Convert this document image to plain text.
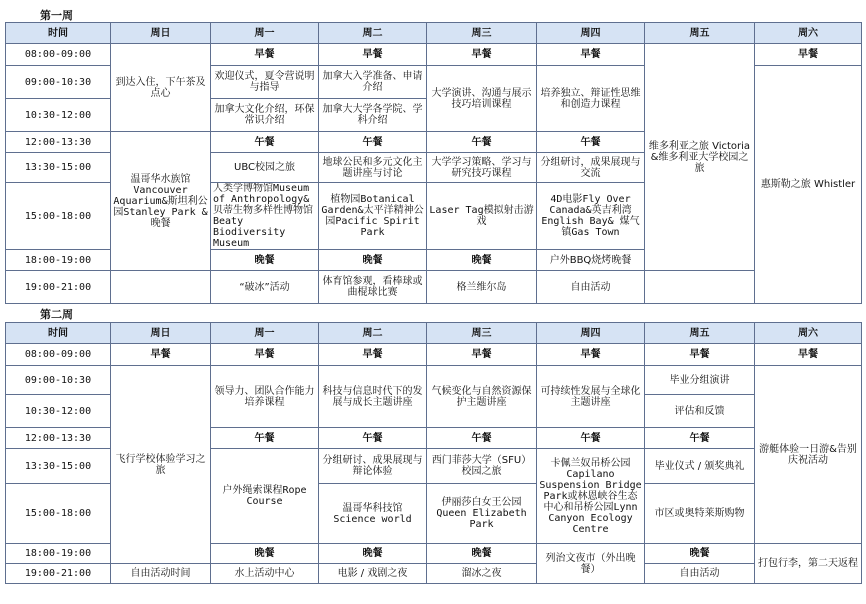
第一周
时间	周日	周一	周二	周三	周四	周五	周六
08:00-09:00	到达入住，下午茶及点心	早餐	早餐	早餐	早餐	维多利亚之旅 Victoria &维多利亚大学校园之旅	早餐
09:00-10:30		欢迎仪式，夏令营说明与指导	加拿大入学准备、申请介绍	大学演讲、沟通与展示技巧培训课程	培养独立、辩证性思维和创造力课程		惠斯勒之旅 Whistler
10:30-12:00		加拿大文化介绍，环保常识介绍	加拿大大学各学院、学科介绍				
12:00-13:30	温哥华水族馆 Vancouver Aquarium&斯坦利公园Stanley Park &晚餐	午餐	午餐	午餐	午餐		
13:30-15:00		UBC校园之旅	地球公民和多元文化主题讲座与讨论	大学学习策略、学习与研究技巧课程	分组研讨，成果展现与交流		
15:00-18:00		人类学博物馆Museum of Anthropology&贝蒂生物多样性博物馆Beaty Biodiversity Museum	植物园Botanical Garden&太平洋精神公园Pacific Spirit Park	Laser Tag模拟射击游戏	4D电影Fly Over Canada&英吉利湾English Bay& 煤气镇Gas Town		
18:00-19:00		晚餐	晚餐	晚餐	户外BBQ烧烤晚餐		
19:00-21:00		“破冰”活动	体育馆参观，看棒球或曲棍球比赛	格兰维尔岛	自由活动		
第二周
时间	周日	周一	周二	周三	周四	周五	周六
08:00-09:00	早餐	早餐	早餐	早餐	早餐	早餐	早餐
09:00-10:30	飞行学校体验学习之旅	领导力、团队合作能力培养课程	科技与信息时代下的发展与成长主题讲座	气候变化与自然资源保护主题讲座	可持续性发展与全球化主题讲座	毕业分组演讲	游艇体验一日游&告别庆祝活动
10:30-12:00						评估和反馈	
12:00-13:30		午餐	午餐	午餐	午餐	午餐	
13:30-15:00		户外绳索课程Rope Course	分组研讨、成果展现与辩论体验	西门菲莎大学（SFU）校园之旅	卡佩兰奴吊桥公园 Capilano Suspension Bridge Park或林恩峡谷生态中心和吊桥公园Lynn Canyon Ecology Centre	毕业仪式 / 颁奖典礼	
15:00-18:00			温哥华科技馆 Science world	伊丽莎白女王公园 Queen Elizabeth Park		市区或奥特莱斯购物	
18:00-19:00		晚餐	晚餐	晚餐	列治文夜市（外出晚餐）	晚餐	打包行李，第二天返程
19:00-21:00	自由活动时间	水上活动中心	电影 / 戏剧之夜	溜冰之夜		自由活动	
